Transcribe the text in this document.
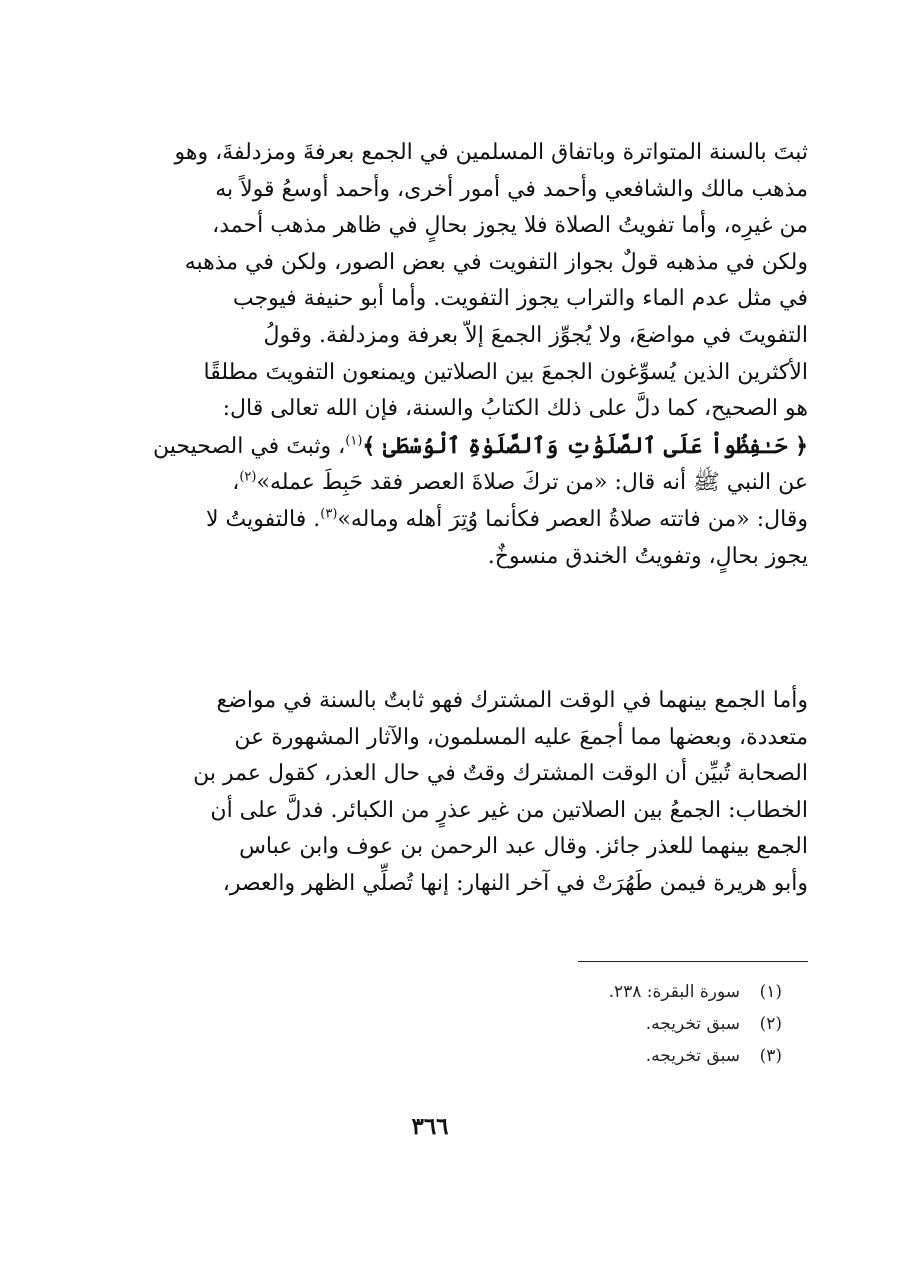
ثبتَ بالسنة المتواترة وباتفاق المسلمين في الجمع بعرفةَ ومزدلفةَ، وهو
مذهب مالك والشافعي وأحمد في أمور أخرى، وأحمد أوسعُ قولاً به
من غيرِه، وأما تفويتُ الصلاة فلا يجوز بحالٍ في ظاهر مذهب أحمد،
ولكن في مذهبه قولٌ بجواز التفويت في بعض الصور، ولكن في مذهبه
في مثل عدم الماء والتراب يجوز التفويت. وأما أبو حنيفة فيوجب
التفويتَ في مواضعَ، ولا يُجوِّز الجمعَ إلاّ بعرفة ومزدلفة. وقولُ
الأكثرين الذين يُسوِّغون الجمعَ بين الصلاتين ويمنعون التفويتَ مطلقًا
هو الصحيح، كما دلَّ على ذلك الكتابُ والسنة، فإن الله تعالى قال:
﴿ حَـٰفِظُواْ عَلَى ٱلصَّلَوَٰتِ وَٱلصَّلَوٰةِ ٱلْوُسْطَىٰ ﴾$^{(١)}$، وثبتَ في الصحيحين
عن النبي ﷺ أنه قال: «من تركَ صلاةَ العصر فقد حَبِطَ عمله»$^{(٢)}$،
وقال: «من فاتته صلاةُ العصر فكأنما وُتِرَ أهله وماله»$^{(٣)}$. فالتفويتُ لا
يجوز بحالٍ، وتفويتُ الخندق منسوخٌ.
وأما الجمع بينهما في الوقت المشترك فهو ثابتٌ بالسنة في مواضع
متعددة، وبعضها مما أجمعَ عليه المسلمون، والآثار المشهورة عن
الصحابة تُبيِّن أن الوقت المشترك وقتٌ في حال العذر، كقول عمر بن
الخطاب: الجمعُ بين الصلاتين من غير عذرٍ من الكبائر. فدلَّ على أن
الجمع بينهما للعذر جائز. وقال عبد الرحمن بن عوف وابن عباس
وأبو هريرة فيمن طَهُرَتْ في آخر النهار: إنها تُصلِّي الظهر والعصر،
(١)سورة البقرة: ٢٣٨.
(٢)سبق تخريجه.
(٣)سبق تخريجه.
٣٦٦
